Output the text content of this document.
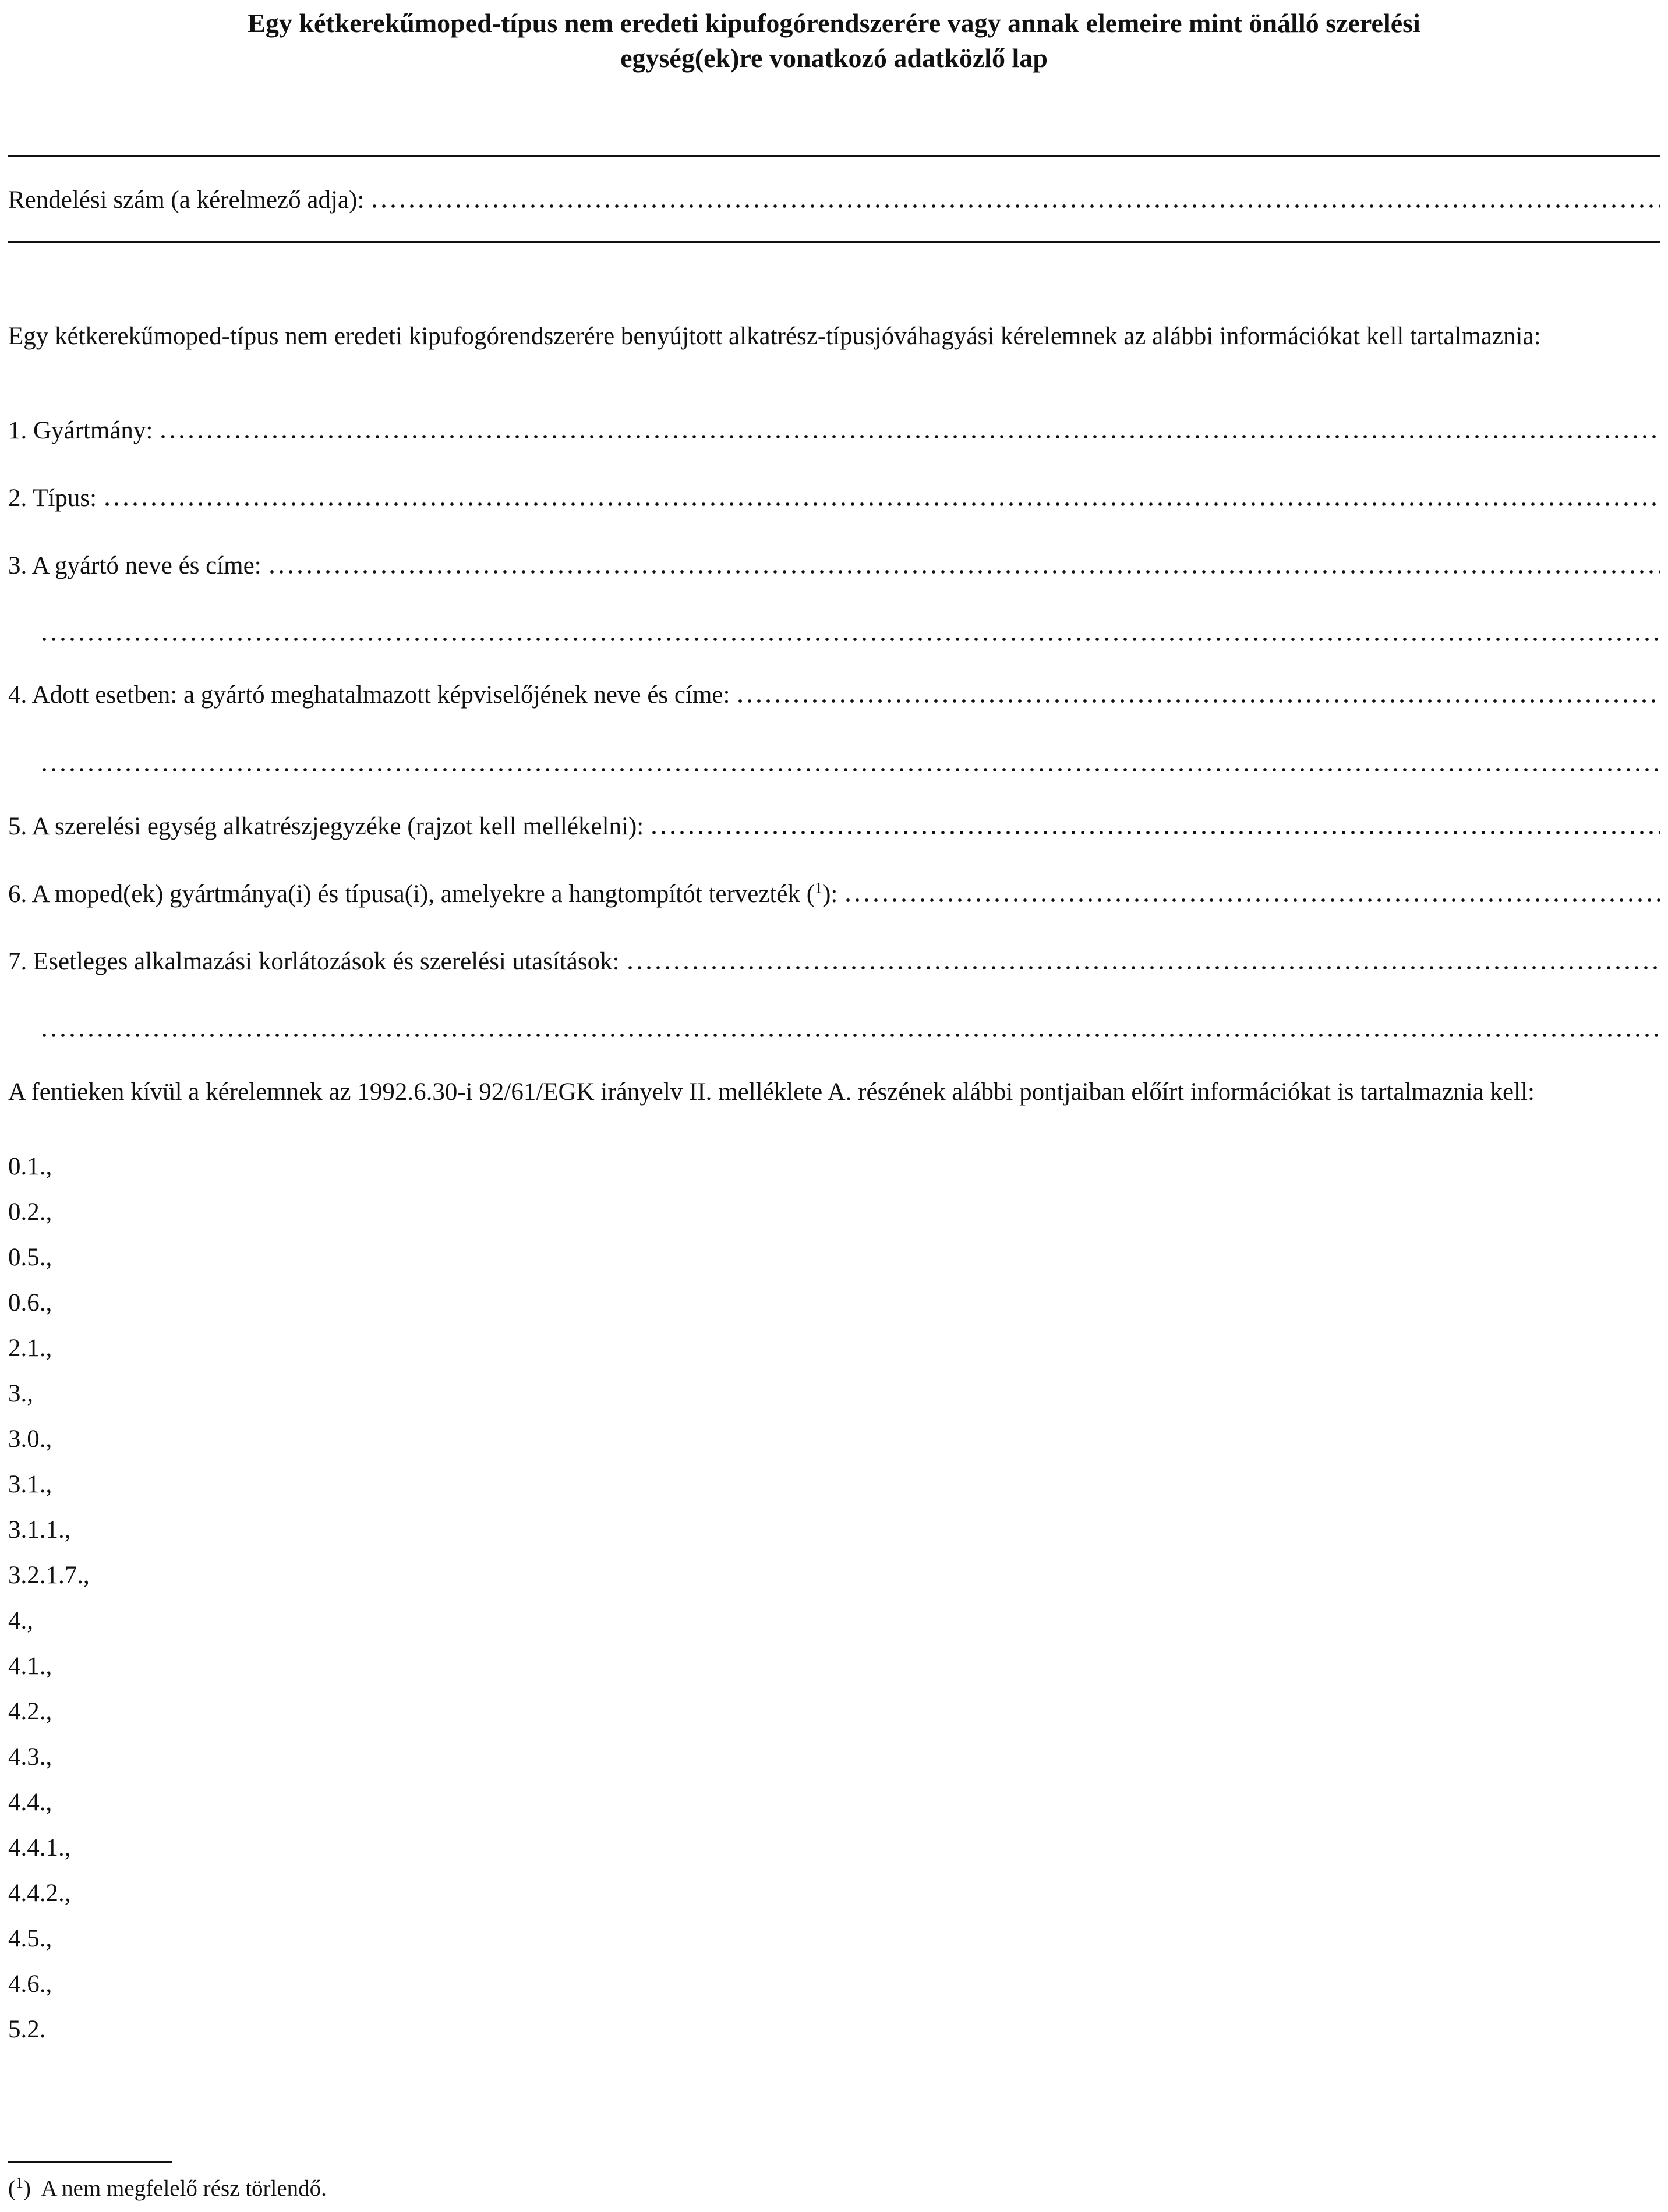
Egy kétkerekűmoped-típus nem eredeti kipufogórendszerére vagy annak elemeire mint önálló szerelési
egység(ek)re vonatkozó adatközlő lap
Rendelési szám (a kérelmező adja):
Egy kétkerekűmoped-típus nem eredeti kipufogórendszerére benyújtott alkatrész-típusjóváhagyási kérelemnek az alábbi információkat kell tartalmaznia:
1. Gyártmány:
2. Típus:
3. A gyártó neve és címe:
4. Adott esetben: a gyártó meghatalmazott képviselőjének neve és címe:
5. A szerelési egység alkatrészjegyzéke (rajzot kell mellékelni):
6. A moped(ek) gyártmánya(i) és típusa(i), amelyekre a hangtompítót tervezték ($^1$):
7. Esetleges alkalmazási korlátozások és szerelési utasítások:
A fentieken kívül a kérelemnek az 1992.6.30-i 92/61/EGK irányelv II. melléklete A. részének alábbi pontjaiban előírt információkat is tartalmaznia kell:
0.1.,
0.2.,
0.5.,
0.6.,
2.1.,
3.,
3.0.,
3.1.,
3.1.1.,
3.2.1.7.,
4.,
4.1.,
4.2.,
4.3.,
4.4.,
4.4.1.,
4.4.2.,
4.5.,
4.6.,
5.2.
($^1$)  A nem megfelelő rész törlendő.
